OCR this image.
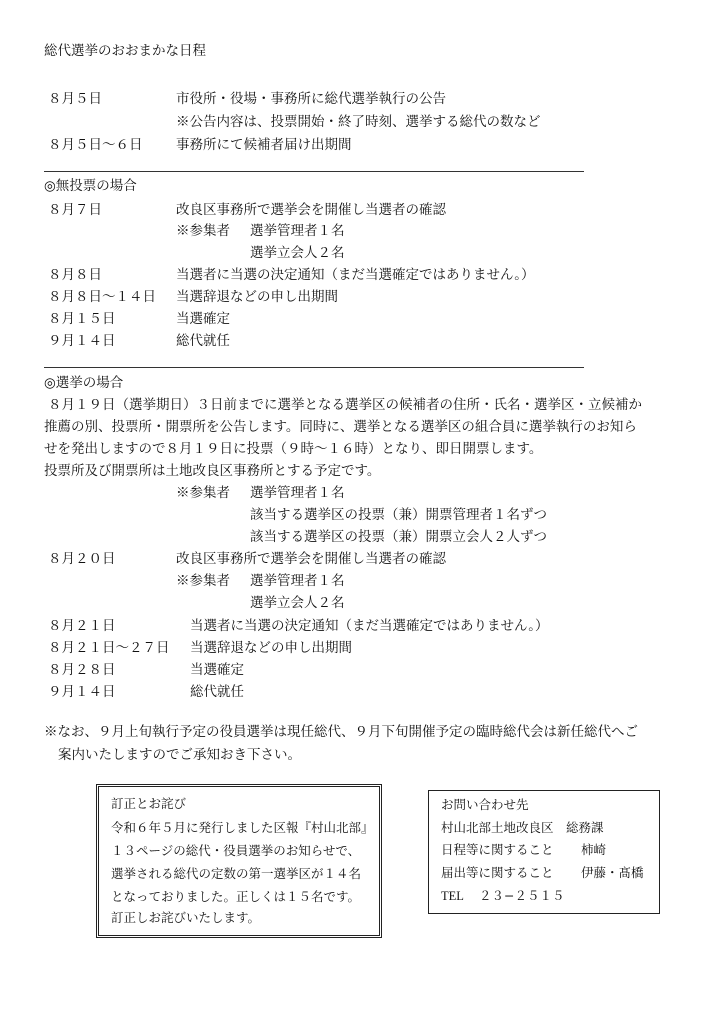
総代選挙のおおまかな日程
８月５日	市役所・役場・事務所に総代選挙執行の公告
※公告内容は、投票開始・終了時刻、選挙する総代の数など
８月５日〜６日 事務所にて候補者届け出期間
◎無投票の場合
８月７日	改良区事務所で選挙会を開催し当選者の確認
※参集者 選挙管理者１名
選挙立会人２名
８月８日	当選者に当選の決定通知（まだ当選確定ではありません。）
８月８日〜１４日 当選辞退などの申し出期間
８月１５日	当選確定
９月１４日	総代就任
◎選挙の場合
８月１９日（選挙期日）３日前までに選挙となる選挙区の候補者の住所・氏名・選挙区・立候補か
推薦の別、投票所・開票所を公告します。同時に、選挙となる選挙区の組合員に選挙執行のお知ら
せを発出しますので８月１９日に投票（９時〜１６時）となり、即日開票します。
投票所及び開票所は土地改良区事務所とする予定です。
※参集者 選挙管理者１名
該当する選挙区の投票（兼）開票管理者１名ずつ
該当する選挙区の投票（兼）開票立会人２人ずつ
８月２０日	改良区事務所で選挙会を開催し当選者の確認
※参集者 選挙管理者１名
選挙立会人２名
８月２１日	当選者に当選の決定通知（まだ当選確定ではありません。）
８月２１日〜２７日 当選辞退などの申し出期間
８月２８日	当選確定
９月１４日	総代就任
※なお、９月上旬執行予定の役員選挙は現任総代、９月下旬開催予定の臨時総代会は新任総代へご
案内いたしますのでご承知おき下さい。
訂正とお詫び
令和６年５月に発行しました区報『村山北部』
１３ページの総代・役員選挙のお知らせで、
選挙される総代の定数の第一選挙区が１４名
となっておりました。正しくは１５名です。
訂正しお詫びいたします。
お問い合わせ先
村山北部土地改良区　総務課
日程等に関すること 柿崎
届出等に関すること 伊藤・髙橋
TEL ２３−２５１５
